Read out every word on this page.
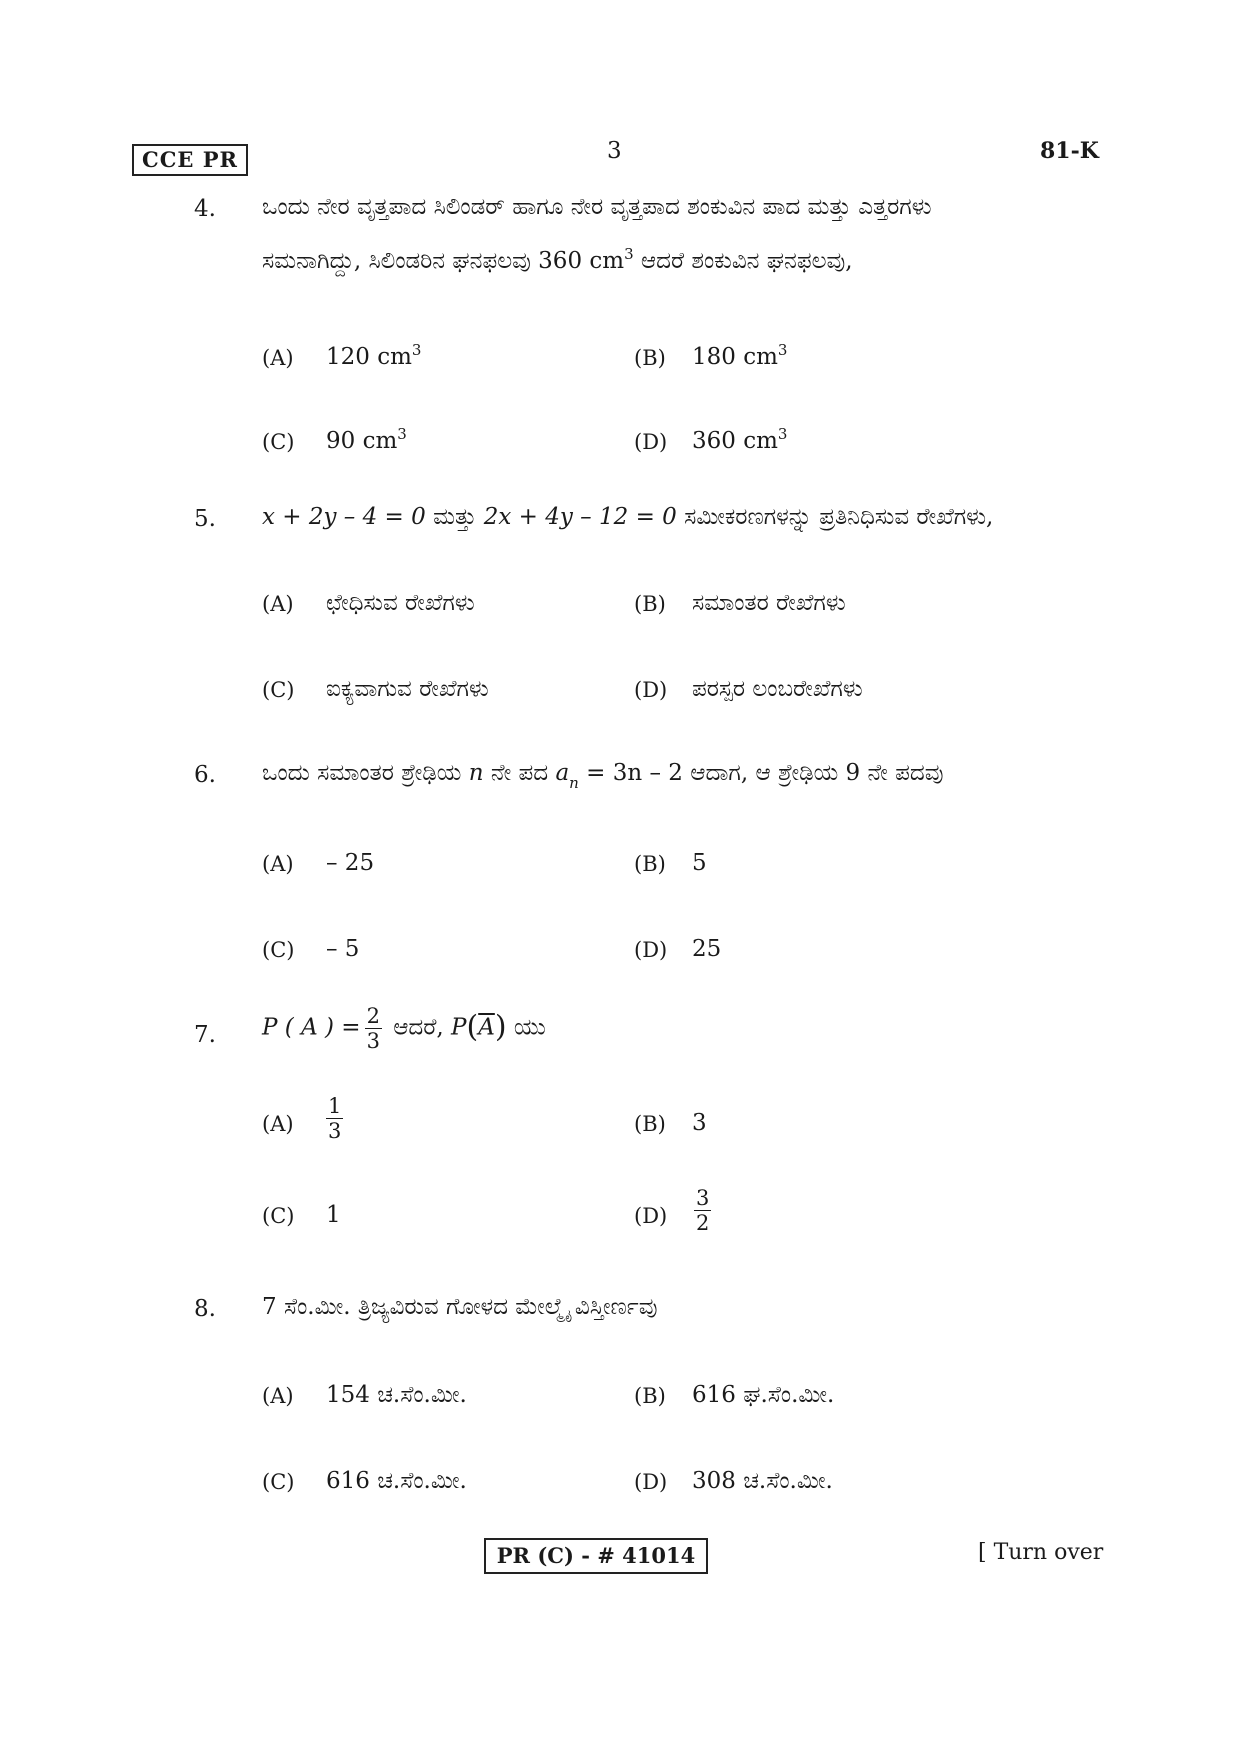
CCE PR	3	81-K
4. ಒಂದು ನೇರ ವೃತ್ತಪಾದ ಸಿಲಿಂಡರ್ ಹಾಗೂ ನೇರ ವೃತ್ತಪಾದ ಶಂಕುವಿನ ಪಾದ ಮತ್ತು ಎತ್ತರಗಳು
ಸಮನಾಗಿದ್ದು, ಸಿಲಿಂಡರಿನ ಘನಫಲವು 360 $cm^3$ ಆದರೆ ಶಂಕುವಿನ ಘನಫಲವು,
(A) 120 $cm^3$	(B) 180 $cm^3$
(C) 90 $cm^3$	(D) 360 $cm^3$
5. x + 2y – 4 = 0 ಮತ್ತು 2x + 4y – 12 = 0 ಸಮೀಕರಣಗಳನ್ನು ಪ್ರತಿನಿಧಿಸುವ ರೇಖೆಗಳು,
(A) ಛೇಧಿಸುವ ರೇಖೆಗಳು	(B) ಸಮಾಂತರ ರೇಖೆಗಳು
(C) ಐಕ್ಯವಾಗುವ ರೇಖೆಗಳು	(D) ಪರಸ್ಪರ ಲಂಬರೇಖೆಗಳು
6. ಒಂದು ಸಮಾಂತರ ಶ್ರೇಢಿಯ n ನೇ ಪದ $a_n = 3n - 2$ ಆದಾಗ, ಆ ಶ್ರೇಢಿಯ 9 ನೇ ಪದವು
(A) – 25	(B) 5
(C) – 5	(D) 25
7. P ( A ) = $\frac{2}{3}$ ಆದರೆ, $P(\overline{A})$ ಯು
$(A) \frac{1}{3}$	(B) 3
(C) 1	$(D) \frac{3}{2}$
8. 7 ಸೆಂ.ಮೀ. ತ್ರಿಜ್ಯವಿರುವ ಗೋಳದ ಮೇಲ್ಮೈ ವಿಸ್ತೀರ್ಣವು
(A) 154 ಚ.ಸೆಂ.ಮೀ.	(B) 616 ಘ.ಸೆಂ.ಮೀ.
(C) 616 ಚ.ಸೆಂ.ಮೀ.	(D) 308 ಚ.ಸೆಂ.ಮೀ.
PR (C) - # 41014	[ Turn over
